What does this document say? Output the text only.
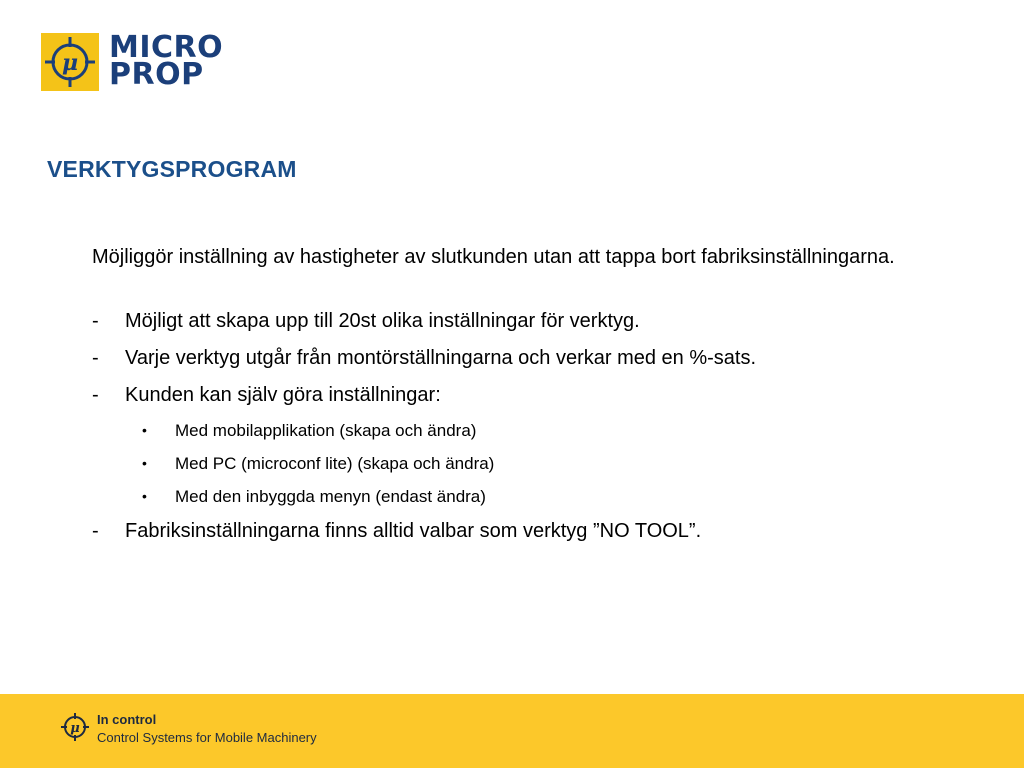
μ MICRO
PROP
VERKTYGSPROGRAM

Möjliggör inställning av hastigheter av slutkunden utan att tappa bort fabriksinställningarna.

- Möjligt att skapa upp till 20st olika inställningar för verktyg.
- Varje verktyg utgår från montörställningarna och verkar med en %-sats.
- Kunden kan själv göra inställningar:
• Med mobilapplikation (skapa och ändra)
• Med PC (microconf lite) (skapa och ändra)
• Med den inbyggda menyn (endast ändra)
- Fabriksinställningarna finns alltid valbar som verktyg ”NO TOOL”.
μ
In control
Control Systems for Mobile Machinery
